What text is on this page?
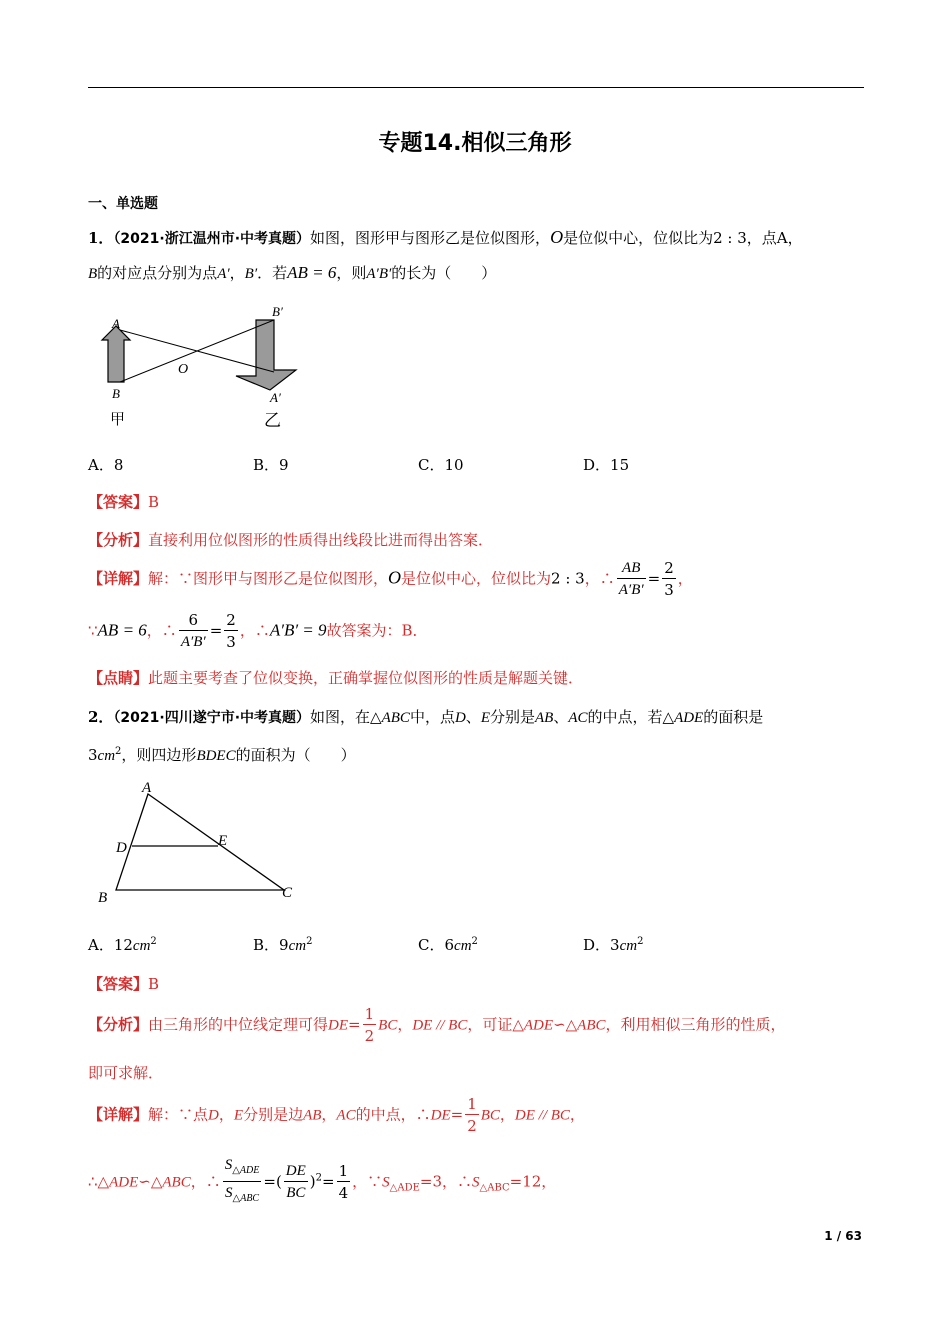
专题14.相似三角形
一、单选题
1．（2021·浙江温州市·中考真题）如图，图形甲与图形乙是位似图形，O是位似中心，位似比为2 : 3，点A，
B的对应点分别为点A′，B′．若AB = 6，则A′B′的长为（　　）
A
B
O
B′
A′
甲	乙
A．8	B．9	C．10	D．15
【答案】B
【分析】直接利用位似图形的性质得出线段比进而得出答案．
【详解】解：∵图形甲与图形乙是位似图形，O是位似中心，位似比为2 : 3，∴ $\frac{AB}{A'B'} = \frac{2}{3}$ ，
∵AB = 6，∴ $\frac{6}{A'B'} = \frac{2}{3}$ ，∴A′B′ = 9故答案为：B．
【点睛】此题主要考查了位似变换，正确掌握位似图形的性质是解题关键．
2．（2021·四川遂宁市·中考真题）如图，在△ABC中，点D、E分别是AB、AC的中点，若△ADE的面积是
$3cm^2$，则四边形BDEC的面积为（　　）
A
D	E
B	C
A．$12cm^2$	B．$9cm^2$	C．$6cm^2$	D．$3cm^2$
【答案】B
【分析】由三角形的中位线定理可得$DE= \frac{1}{2}$ BC，DE // BC，可证△ADE∽△ABC，利用相似三角形的性质，
即可求解．
【详解】解：∵点D，E分别是边AB，AC的中点，∴DE= $\frac{1}{2}$ BC，DE // BC，
∴△ADE∽△ABC，∴ $\frac{S_{\triangle ADE}}{S_{\triangle ABC}}$ =( $\frac{DE}{BC} )^2= \frac{1}{4}$ ，$\because S_{\triangle ADE}=3$，$\therefore S_{\triangle ABC}=12$，
1 / 63
